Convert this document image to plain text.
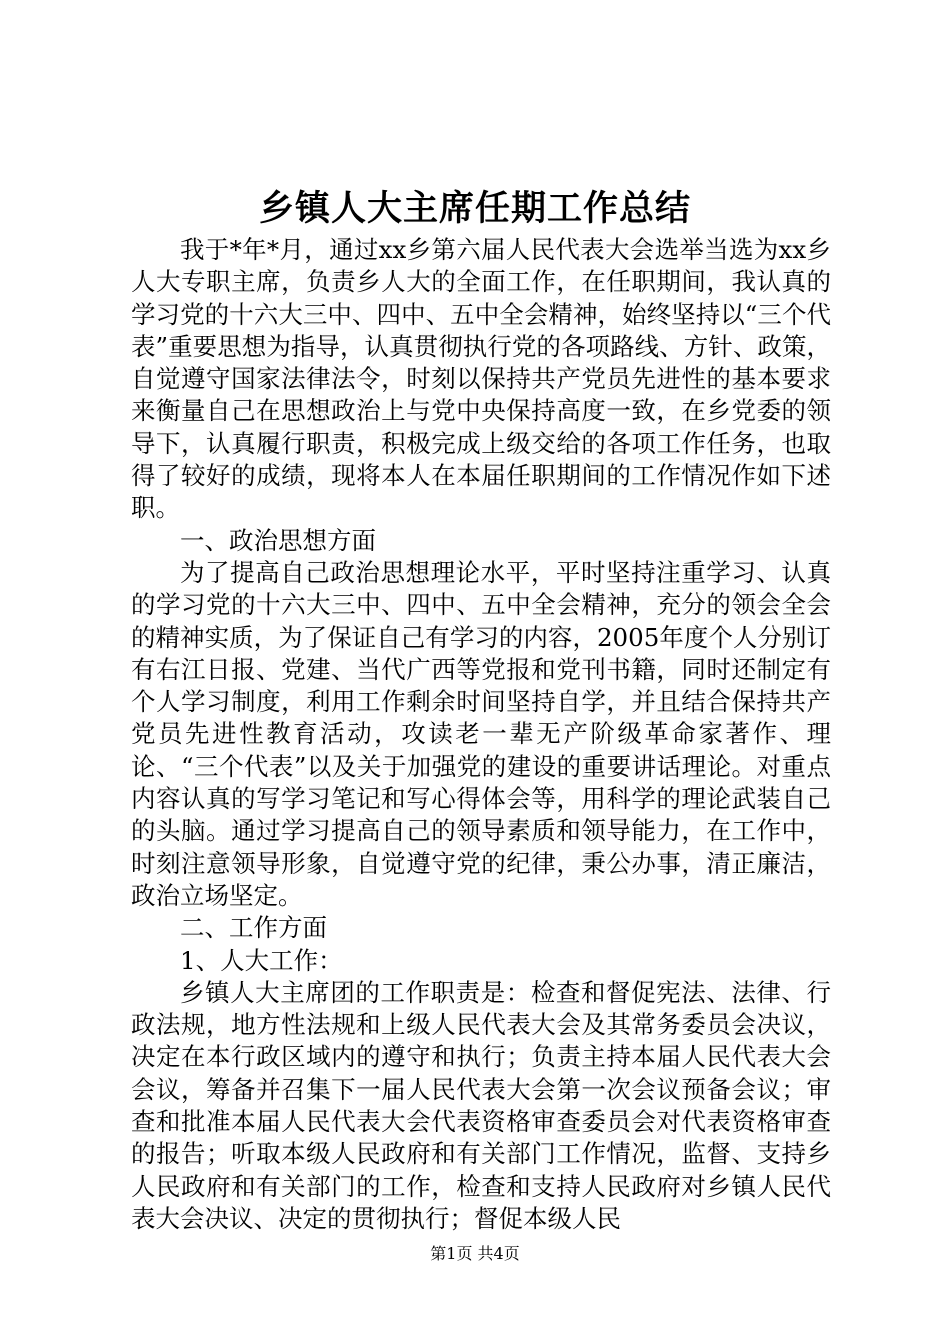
乡镇人大主席任期工作总结

我于*年*月，通过xx乡第六届人民代表大会选举当选为xx乡人大专职主席，负责乡人大的全面工作，在任职期间，我认真的学习党的十六大三中、四中、五中全会精神，始终坚持以“三个代表”重要思想为指导，认真贯彻执行党的各项路线、方针、政策，自觉遵守国家法律法令，时刻以保持共产党员先进性的基本要求来衡量自己在思想政治上与党中央保持高度一致，在乡党委的领导下，认真履行职责，积极完成上级交给的各项工作任务，也取得了较好的成绩，现将本人在本届任职期间的工作情况作如下述职。

一、政治思想方面

为了提高自己政治思想理论水平，平时坚持注重学习、认真的学习党的十六大三中、四中、五中全会精神，充分的领会全会的精神实质，为了保证自己有学习的内容，2005年度个人分别订有右江日报、党建、当代广西等党报和党刊书籍，同时还制定有个人学习制度，利用工作剩余时间坚持自学，并且结合保持共产党员先进性教育活动，攻读老一辈无产阶级革命家著作、理论、“三个代表”以及关于加强党的建设的重要讲话理论。对重点内容认真的写学习笔记和写心得体会等，用科学的理论武装自己的头脑。通过学习提高自己的领导素质和领导能力，在工作中，时刻注意领导形象，自觉遵守党的纪律，秉公办事，清正廉洁，政治立场坚定。

二、工作方面

1、人大工作：

乡镇人大主席团的工作职责是：检查和督促宪法、法律、行政法规，地方性法规和上级人民代表大会及其常务委员会决议，决定在本行政区域内的遵守和执行；负责主持本届人民代表大会会议，筹备并召集下一届人民代表大会第一次会议预备会议；审查和批准本届人民代表大会代表资格审查委员会对代表资格审查的报告；听取本级人民政府和有关部门工作情况，监督、支持乡人民政府和有关部门的工作，检查和支持人民政府对乡镇人民代表大会决议、决定的贯彻执行；督促本级人民

第1页 共4页
